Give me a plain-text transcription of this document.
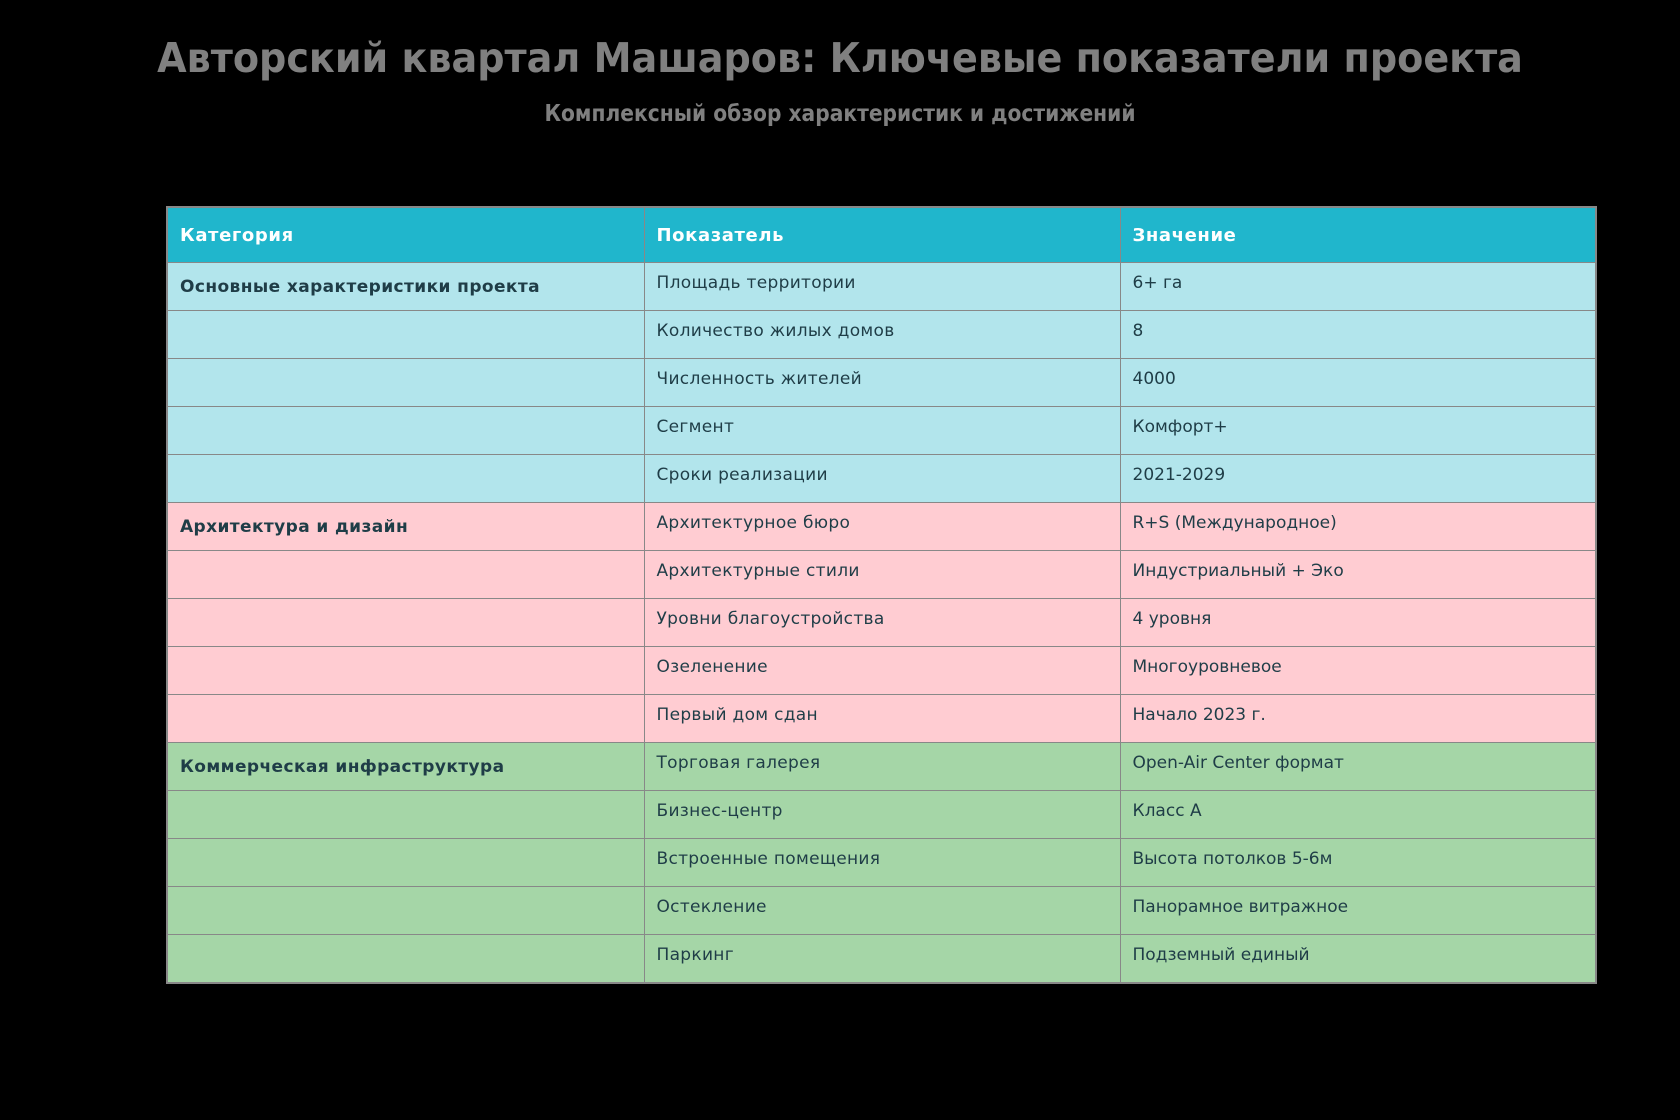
Авторский квартал Машаров: Ключевые показатели проекта
Комплексный обзор характеристик и достижений
Категория	Показатель	Значение
Основные характеристики проекта	Площадь территории	6+ га
	Количество жилых домов	8
	Численность жителей	4000
	Сегмент	Комфорт+
	Сроки реализации	2021-2029
Архитектура и дизайн	Архитектурное бюро	R+S (Международное)
	Архитектурные стили	Индустриальный + Эко
	Уровни благоустройства	4 уровня
	Озеленение	Многоуровневое
	Первый дом сдан	Начало 2023 г.
Коммерческая инфраструктура	Торговая галерея	Open-Air Center формат
	Бизнес-центр	Класс А
	Встроенные помещения	Высота потолков 5-6м
	Остекление	Панорамное витражное
	Паркинг	Подземный единый
